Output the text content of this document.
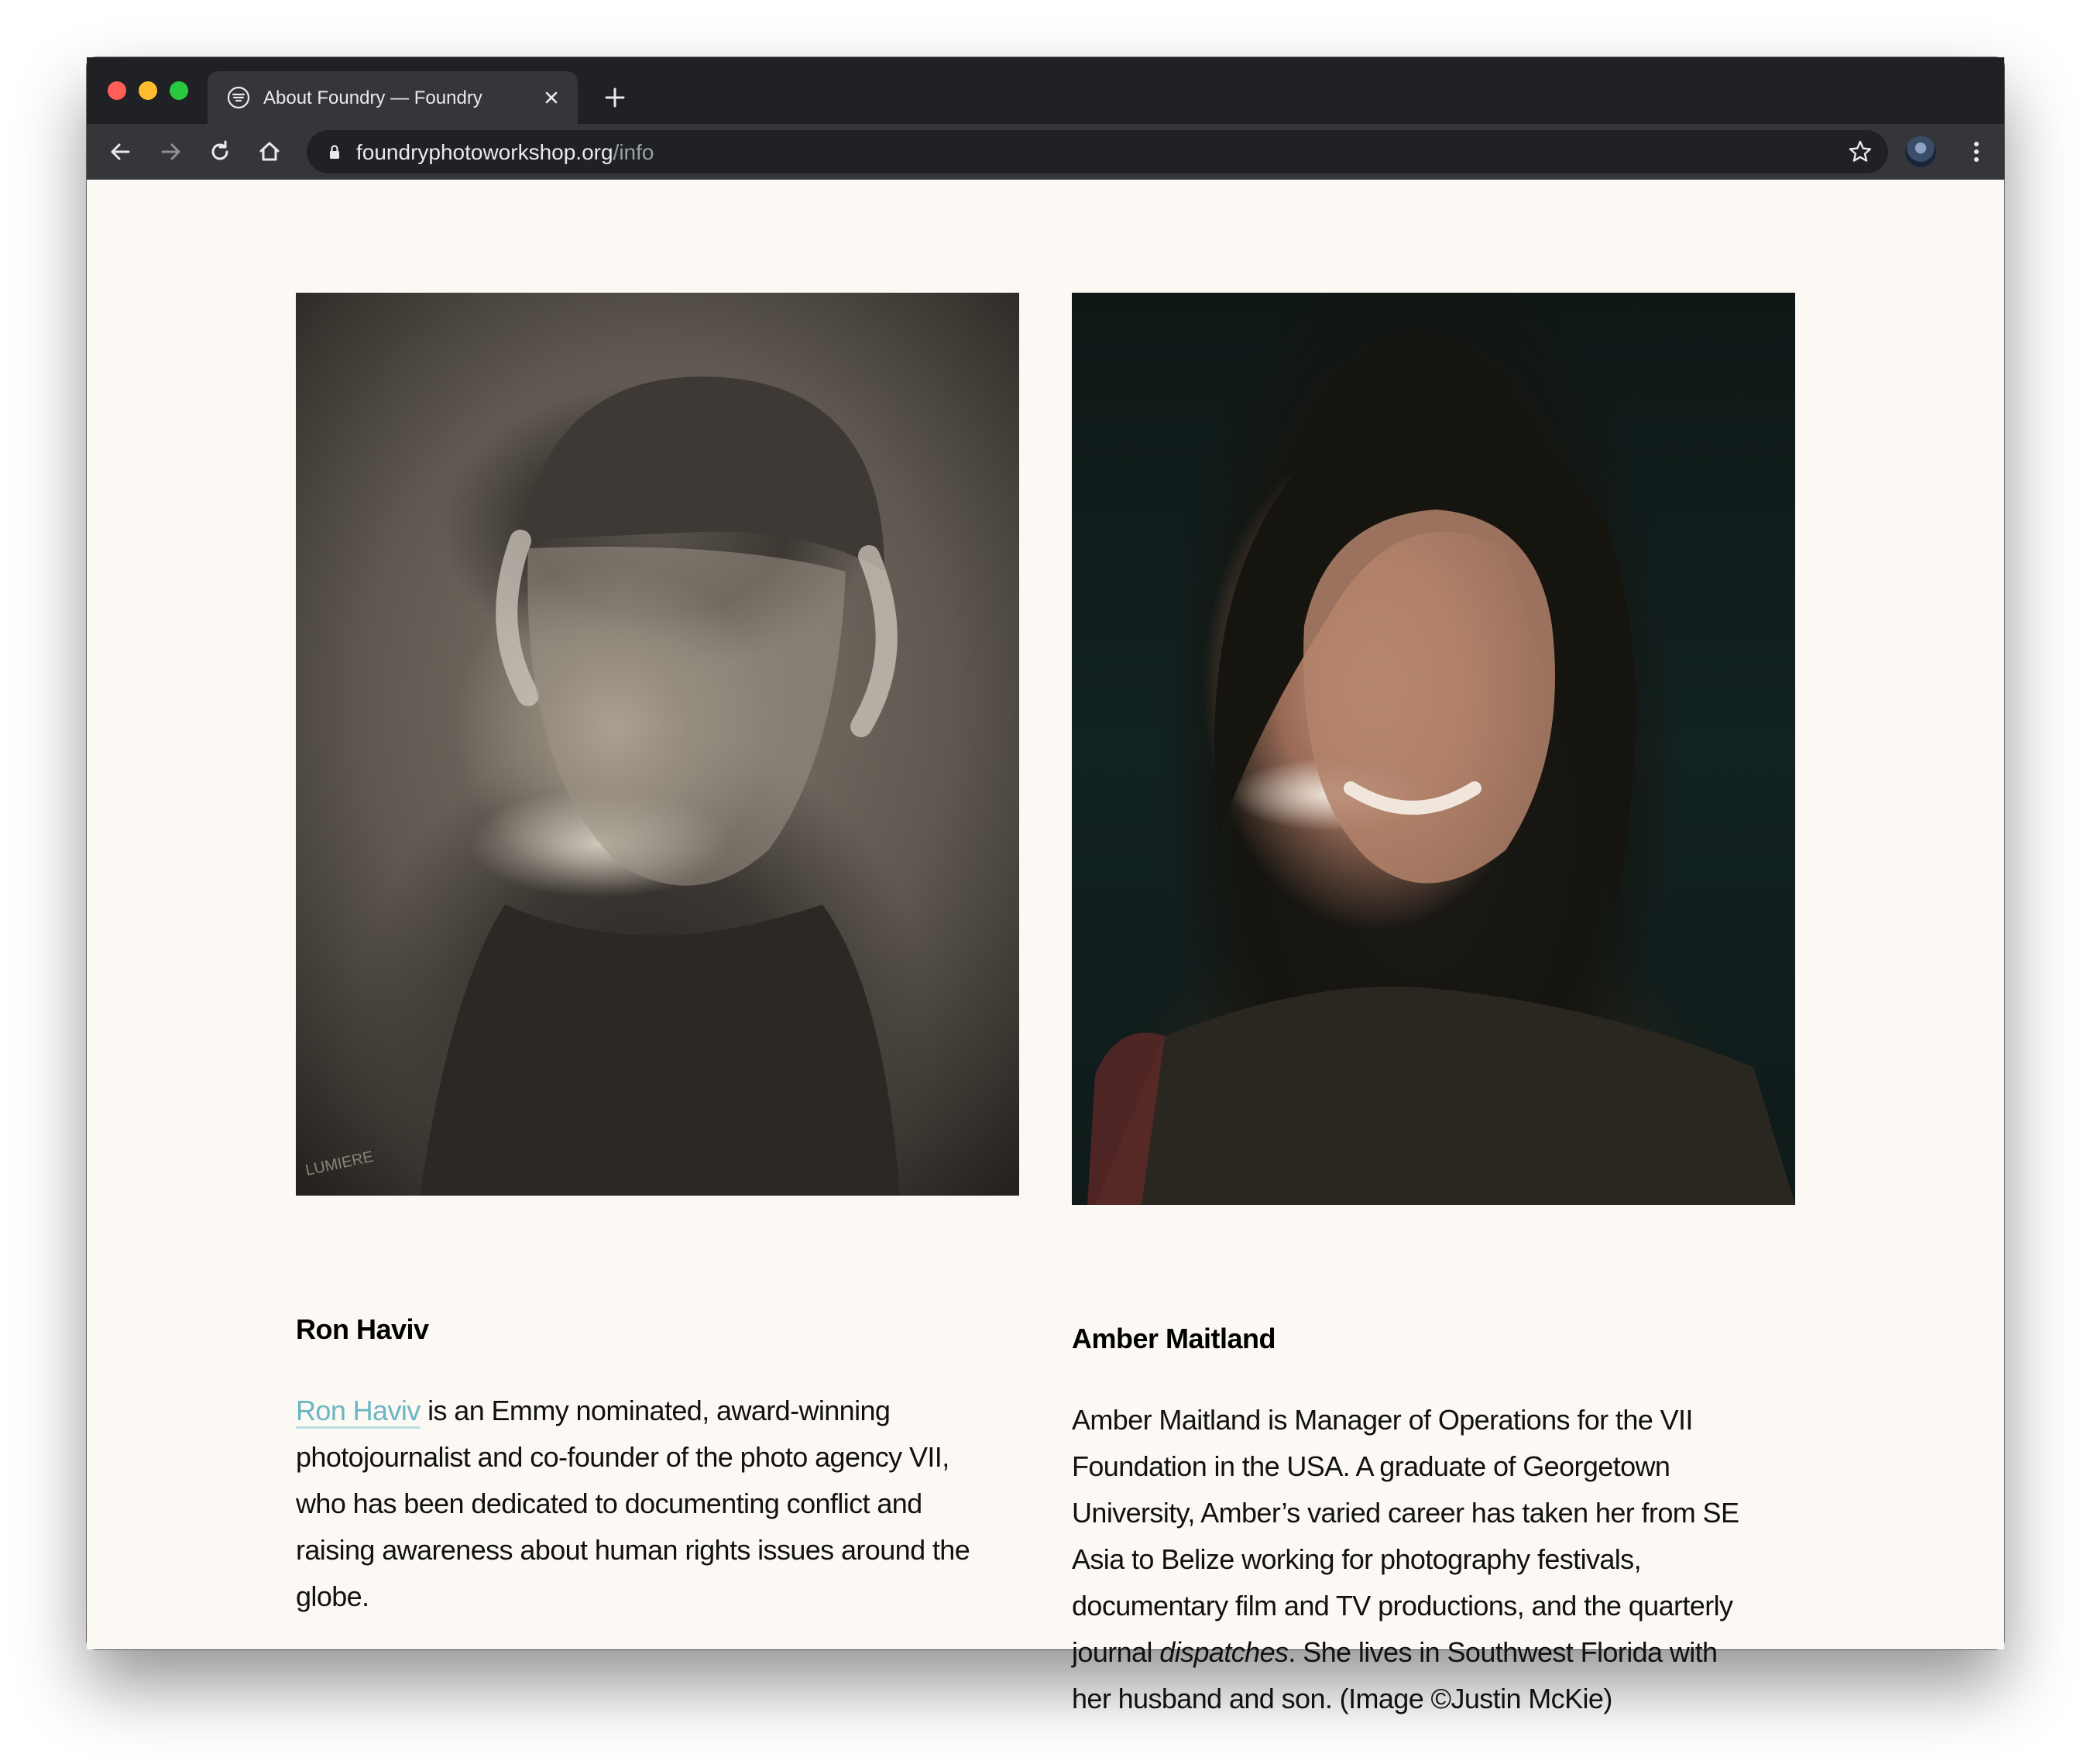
About Foundry — Foundry
foundryphotoworkshop.org/info
LUMIERE
Ron Haviv	Amber Maitland
Ron Haviv is an Emmy nominated, award-winning
photojournalist and co-founder of the photo agency VII,
who has been dedicated to documenting conflict and
raising awareness about human rights issues around the
globe.
Amber Maitland is Manager of Operations for the VII
Foundation in the USA. A graduate of Georgetown
University, Amber’s varied career has taken her from SE
Asia to Belize working for photography festivals,
documentary film and TV productions, and the quarterly
journal dispatches. She lives in Southwest Florida with
her husband and son. (Image ©Justin McKie)
